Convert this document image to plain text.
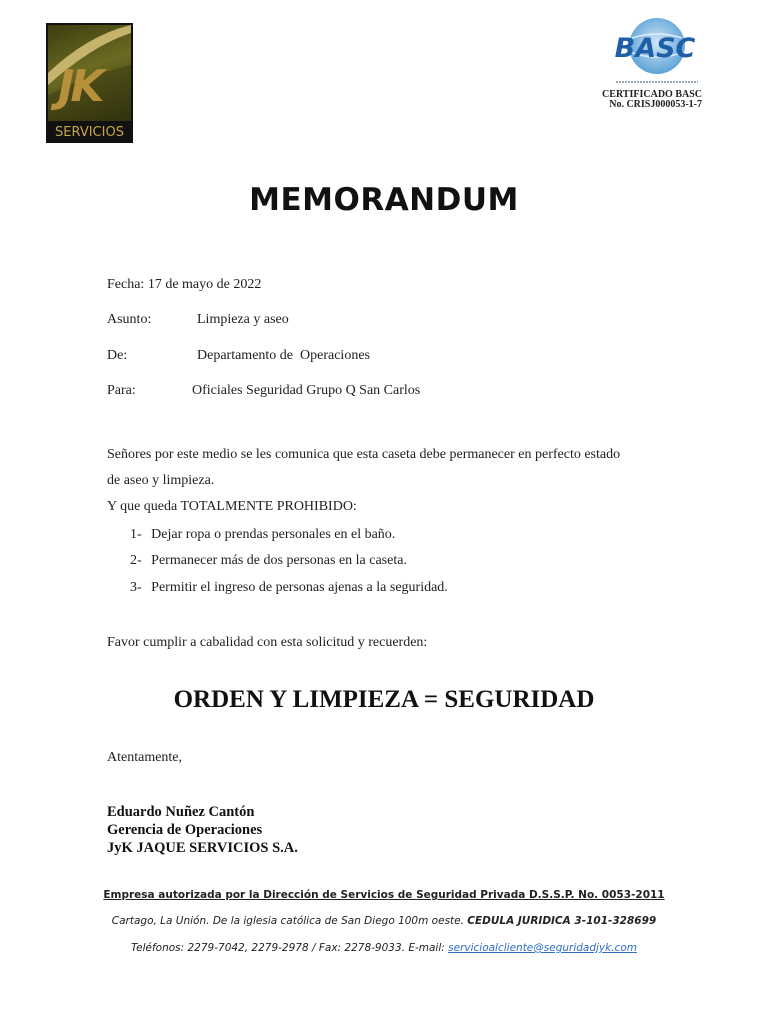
JK
SERVICIOS
BASC
CERTIFICADO BASC
No. CRISJ000053-1-7
MEMORANDUM
Fecha: 17 de mayo de 2022
Asunto:	Limpieza y aseo
De:	Departamento de  Operaciones
Para:	Oficiales Seguridad Grupo Q San Carlos
Señores por este medio se les comunica que esta caseta debe permanecer en perfecto estado
de aseo y limpieza.
Y que queda TOTALMENTE PROHIBIDO:
1- Dejar ropa o prendas personales en el baño.
2- Permanecer más de dos personas en la caseta.
3- Permitir el ingreso de personas ajenas a la seguridad.
Favor cumplir a cabalidad con esta solicitud y recuerden:
ORDEN Y LIMPIEZA = SEGURIDAD
Atentamente,
Eduardo Nuñez Cantón
Gerencia de Operaciones
JyK JAQUE SERVICIOS S.A.
Empresa autorizada por la Dirección de Servicios de Seguridad Privada D.S.S.P. No. 0053-2011
Cartago, La Unión. De la iglesia católica de San Diego 100m oeste. CEDULA JURIDICA 3-101-328699
Teléfonos: 2279-7042, 2279-2978 / Fax: 2278-9033. E-mail: servicioalcliente@seguridadjyk.com
